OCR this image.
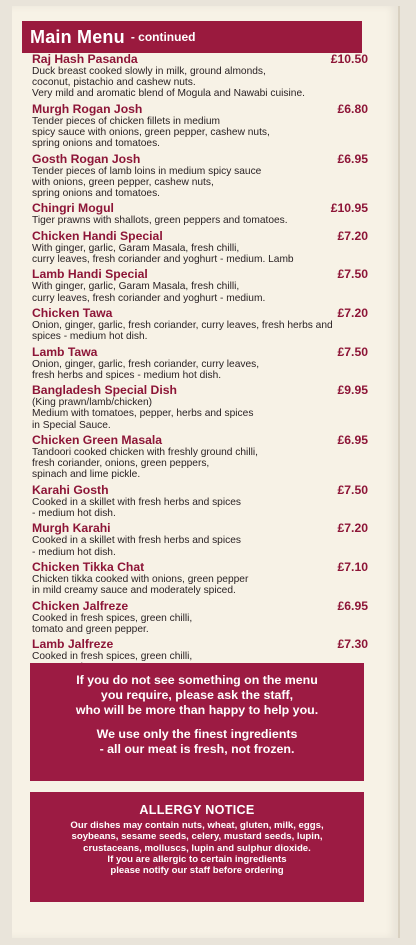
Main Menu - continued
Raj Hash Pasanda	£10.50
Duck breast cooked slowly in milk, ground almonds,
coconut, pistachio and cashew nuts.
Very mild and aromatic blend of Mogula and Nawabi cuisine.
Murgh Rogan Josh	£6.80
Tender pieces of chicken fillets in medium
spicy sauce with onions, green pepper, cashew nuts,
spring onions and tomatoes.
Gosth Rogan Josh	£6.95
Tender pieces of lamb loins in medium spicy sauce
with onions, green pepper, cashew nuts,
spring onions and tomatoes.
Chingri Mogul	£10.95
Tiger prawns with shallots, green peppers and tomatoes.
Chicken Handi Special	£7.20
With ginger, garlic, Garam Masala, fresh chilli,
curry leaves, fresh coriander and yoghurt - medium. Lamb
Lamb Handi Special	£7.50
With ginger, garlic, Garam Masala, fresh chilli,
curry leaves, fresh coriander and yoghurt - medium.
Chicken Tawa	£7.20
Onion, ginger, garlic, fresh coriander, curry leaves, fresh herbs and
spices - medium hot dish.
Lamb Tawa	£7.50
Onion, ginger, garlic, fresh coriander, curry leaves,
fresh herbs and spices - medium hot dish.
Bangladesh Special Dish	£9.95
(King prawn/lamb/chicken)
Medium with tomatoes, pepper, herbs and spices
in Special Sauce.
Chicken Green Masala	£6.95
Tandoori cooked chicken with freshly ground chilli,
fresh coriander, onions, green peppers,
spinach and lime pickle.
Karahi Gosth	£7.50
Cooked in a skillet with fresh herbs and spices
- medium hot dish.
Murgh Karahi	£7.20
Cooked in a skillet with fresh herbs and spices
- medium hot dish.
Chicken Tikka Chat	£7.10
Chicken tikka cooked with onions, green pepper
in mild creamy sauce and moderately spiced.
Chicken Jalfreze	£6.95
Cooked in fresh spices, green chilli,
tomato and green pepper.
Lamb Jalfreze	£7.30
Cooked in fresh spices, green chilli,

If you do not see something on the menu
you require, please ask the staff,
who will be more than happy to help you.

We use only the finest ingredients
- all our meat is fresh, not frozen.

ALLERGY NOTICE
Our dishes may contain nuts, wheat, gluten, milk, eggs,
soybeans, sesame seeds, celery, mustard seeds, lupin,
crustaceans, molluscs, lupin and sulphur dioxide.
If you are allergic to certain ingredients
please notify our staff before ordering
